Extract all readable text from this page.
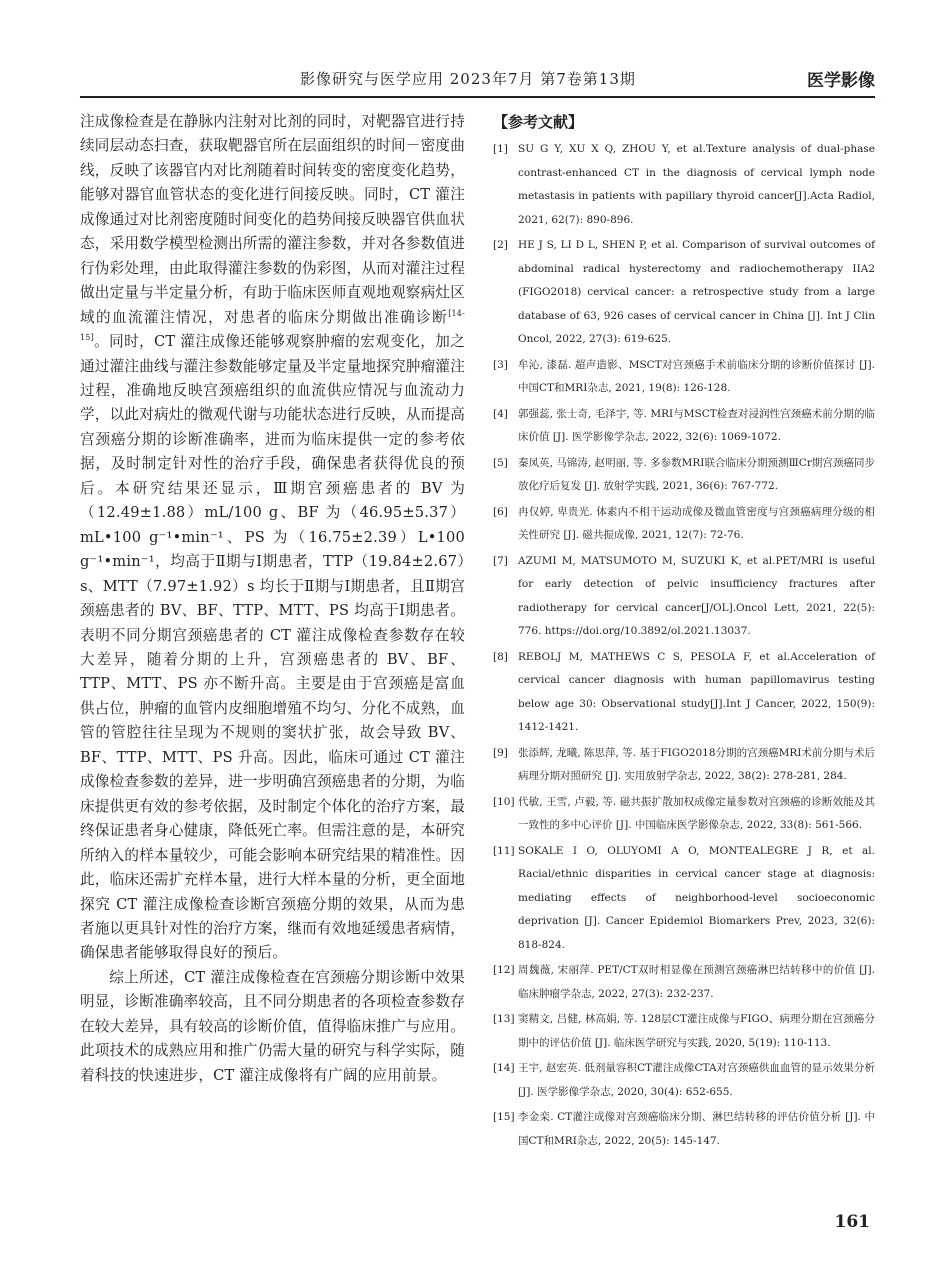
影像研究与医学应用 2023年7月 第7卷第13期	医学影像

注成像检查是在静脉内注射对比剂的同时，对靶器官进行持续同层动态扫查，获取靶器官所在层面组织的时间－密度曲线，反映了该器官内对比剂随着时间转变的密度变化趋势，能够对器官血管状态的变化进行间接反映。同时，CT 灌注成像通过对比剂密度随时间变化的趋势间接反映器官供血状态，采用数学模型检测出所需的灌注参数，并对各参数值进行伪彩处理，由此取得灌注参数的伪彩图，从而对灌注过程做出定量与半定量分析，有助于临床医师直观地观察病灶区域的血流灌注情况，对患者的临床分期做出准确诊断[14-15]。同时，CT 灌注成像还能够观察肿瘤的宏观变化，加之通过灌注曲线与灌注参数能够定量及半定量地探究肿瘤灌注过程，准确地反映宫颈癌组织的血流供应情况与血流动力学，以此对病灶的微观代谢与功能状态进行反映，从而提高宫颈癌分期的诊断准确率，进而为临床提供一定的参考依据，及时制定针对性的治疗手段，确保患者获得优良的预后。本研究结果还显示，Ⅲ期宫颈癌患者的 BV 为（12.49±1.88）mL/100 g、BF 为（46.95±5.37）mL•100 g⁻¹•min⁻¹、PS 为（16.75±2.39）L•100 g⁻¹•min⁻¹，均高于Ⅱ期与Ⅰ期患者，TTP（19.84±2.67）s、MTT（7.97±1.92）s 均长于Ⅱ期与Ⅰ期患者，且Ⅱ期宫颈癌患者的 BV、BF、TTP、MTT、PS 均高于Ⅰ期患者。表明不同分期宫颈癌患者的 CT 灌注成像检查参数存在较大差异，随着分期的上升，宫颈癌患者的 BV、BF、TTP、MTT、PS 亦不断升高。主要是由于宫颈癌是富血供占位，肿瘤的血管内皮细胞增殖不均匀、分化不成熟，血管的管腔往往呈现为不规则的窦状扩张，故会导致 BV、BF、TTP、MTT、PS 升高。因此，临床可通过 CT 灌注成像检查参数的差异，进一步明确宫颈癌患者的分期，为临床提供更有效的参考依据，及时制定个体化的治疗方案，最终保证患者身心健康，降低死亡率。但需注意的是，本研究所纳入的样本量较少，可能会影响本研究结果的精准性。因此，临床还需扩充样本量，进行大样本量的分析，更全面地探究 CT 灌注成像检查诊断宫颈癌分期的效果，从而为患者施以更具针对性的治疗方案，继而有效地延缓患者病情，确保患者能够取得良好的预后。

综上所述，CT 灌注成像检查在宫颈癌分期诊断中效果明显，诊断准确率较高，且不同分期患者的各项检查参数存在较大差异，具有较高的诊断价值，值得临床推广与应用。此项技术的成熟应用和推广仍需大量的研究与科学实际，随着科技的快速进步，CT 灌注成像将有广阔的应用前景。

【参考文献】
[1] SU G Y, XU X Q, ZHOU Y, et al.Texture analysis of dual-phase contrast-enhanced CT in the diagnosis of cervical lymph node metastasis in patients with papillary thyroid cancer[J].Acta Radiol, 2021, 62(7): 890-896.
[2] HE J S, LI D L, SHEN P, et al. Comparison of survival outcomes of abdominal radical hysterectomy and radiochemotherapy IIA2 (FIGO2018) cervical cancer: a retrospective study from a large database of 63, 926 cases of cervical cancer in China [J]. Int J Clin Oncol, 2022, 27(3): 619-625.
[3] 牟沁, 漆磊. 超声造影、MSCT对宫颈癌手术前临床分期的诊断价值探讨 [J]. 中国CT和MRI杂志, 2021, 19(8): 126-128.
[4] 郭强蕊, 张士奇, 毛泽宇, 等. MRI与MSCT检查对浸润性宫颈癌术前分期的临床价值 [J]. 医学影像学杂志, 2022, 32(6): 1069-1072.
[5] 秦凤英, 马锦涛, 赵明丽, 等. 多参数MRI联合临床分期预测ⅢCr期宫颈癌同步放化疗后复发 [J]. 放射学实践, 2021, 36(6): 767-772.
[6] 冉仅婷, 卑贵光. 体素内不相干运动成像及微血管密度与宫颈癌病理分级的相关性研究 [J]. 磁共振成像, 2021, 12(7): 72-76.
[7] AZUMI M, MATSUMOTO M, SUZUKI K, et al.PET/MRI is useful for early detection of pelvic insufficiency fractures after radiotherapy for cervical cancer[J/OL].Oncol Lett, 2021, 22(5): 776. https://doi.org/10.3892/ol.2021.13037.
[8] REBOLJ M, MATHEWS C S, PESOLA F, et al.Acceleration of cervical cancer diagnosis with human papillomavirus testing below age 30: Observational study[J].Int J Cancer, 2022, 150(9): 1412-1421.
[9] 张添辉, 龙曦, 陈思萍, 等. 基于FIGO2018分期的宫颈癌MRI术前分期与术后病理分期对照研究 [J]. 实用放射学杂志, 2022, 38(2): 278-281, 284.
[10] 代敏, 王雪, 卢毅, 等. 磁共振扩散加权成像定量参数对宫颈癌的诊断效能及其一致性的多中心评价 [J]. 中国临床医学影像杂志, 2022, 33(8): 561-566.
[11] SOKALE I O, OLUYOMI A O, MONTEALEGRE J R, et al. Racial/ethnic disparities in cervical cancer stage at diagnosis: mediating effects of neighborhood-level socioeconomic deprivation [J]. Cancer Epidemiol Biomarkers Prev, 2023, 32(6): 818-824.
[12] 周魏薇, 宋丽萍. PET/CT双时相显像在预测宫颈癌淋巴结转移中的价值 [J]. 临床肿瘤学杂志, 2022, 27(3): 232-237.
[13] 窦精文, 吕健, 林高娟, 等. 128层CT灌注成像与FIGO、病理分期在宫颈癌分期中的评估价值 [J]. 临床医学研究与实践, 2020, 5(19): 110-113.
[14] 王宇, 赵宏英. 低剂量容积CT灌注成像CTA对宫颈癌供血血管的显示效果分析 [J]. 医学影像学杂志, 2020, 30(4): 652-655.
[15] 李金栾. CT灌注成像对宫颈癌临床分期、淋巴结转移的评估价值分析 [J]. 中国CT和MRI杂志, 2022, 20(5): 145-147.
161
